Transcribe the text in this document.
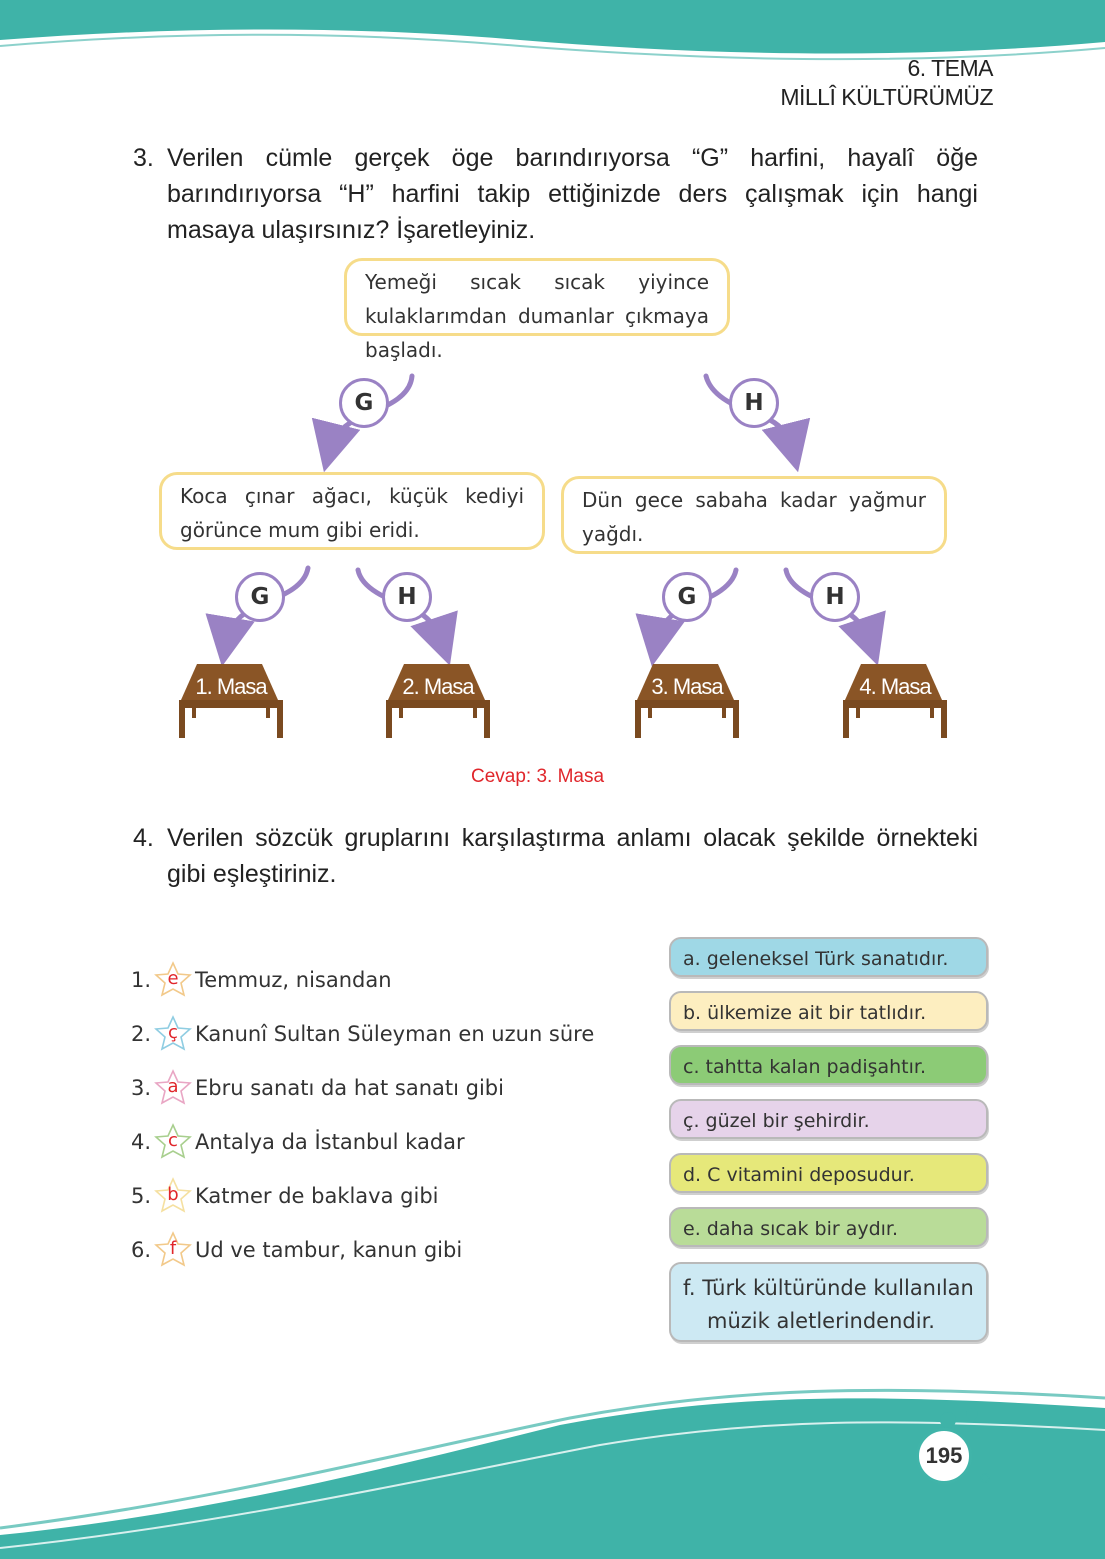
6. TEMA
MİLLÎ KÜLTÜRÜMÜZ
3. Verilen cümle gerçek öge barındırıyorsa “G” harfini, hayalî öğe barındırıyorsa “H” harfini takip ettiğinizde ders çalışmak için hangi masaya ulaşırsınız? İşaretleyiniz.
Yemeği sıcak sıcak yiyince kulaklarımdan dumanlar çıkmaya başladı.
Koca çınar ağacı, küçük kediyi görünce mum gibi eridi.
Dün gece sabaha kadar yağmur yağdı.
G	H
G	H	G	H
1. Masa	2. Masa	3. Masa	4. Masa
Cevap: 3. Masa
4. Verilen sözcük gruplarını karşılaştırma anlamı olacak şekilde örnekteki gibi eşleştiriniz.
1. e Temmuz, nisandan
2. ç Kanunî Sultan Süleyman en uzun süre
3. a Ebru sanatı da hat sanatı gibi
4. c Antalya da İstanbul kadar
5. b Katmer de baklava gibi
6.	f Ud ve tambur, kanun gibi
a. geleneksel Türk sanatıdır.
b. ülkemize ait bir tatlıdır.
c. tahtta kalan padişahtır.
ç. güzel bir şehirdir.
d. C vitamini deposudur.
e. daha sıcak bir aydır.
f. Türk kültüründe kullanılan müzik aletlerindendir.
195
